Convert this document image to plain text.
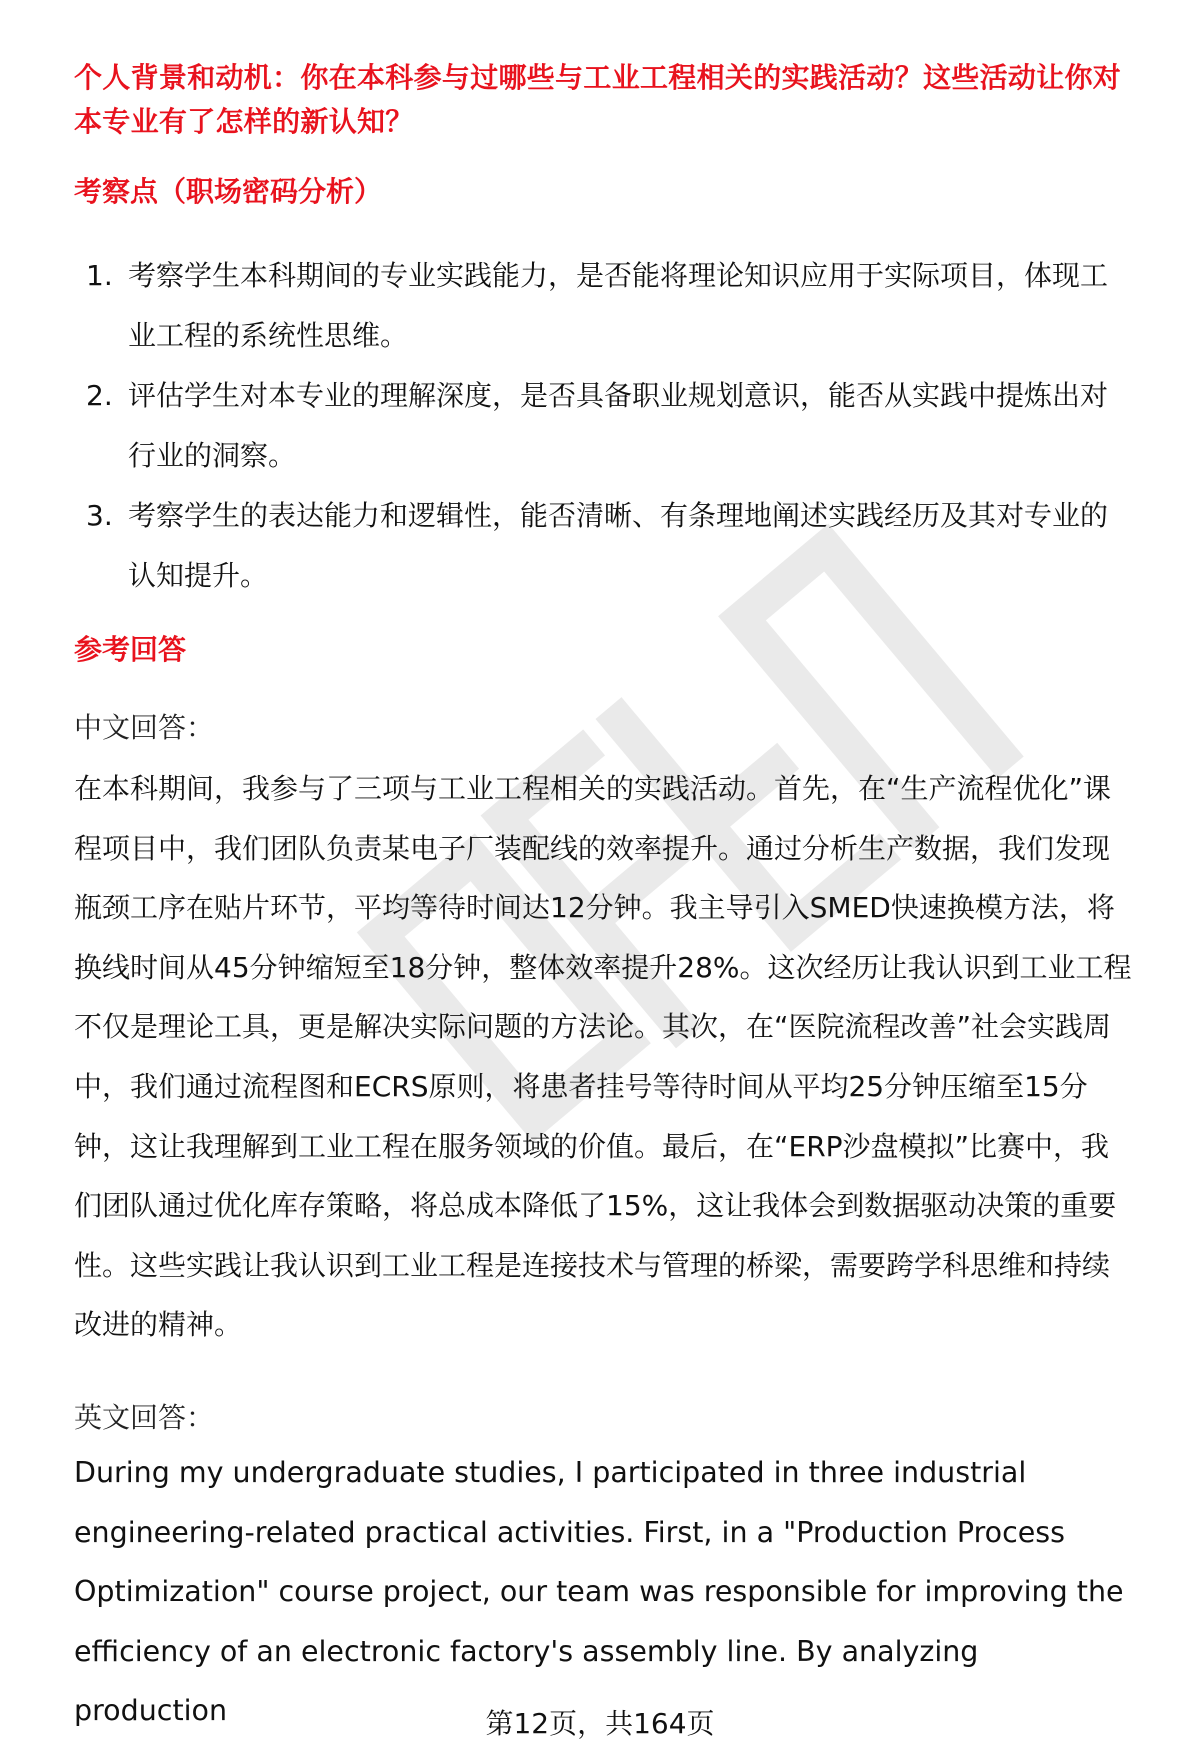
个人背景和动机：你在本科参与过哪些与工业工程相关的实践活动？这些活动让你对本专业有了怎样的新认知？
考察点（职场密码分析）
1. 考察学生本科期间的专业实践能力，是否能将理论知识应用于实际项目，体现工业工程的系统性思维。
2. 评估学生对本专业的理解深度，是否具备职业规划意识，能否从实践中提炼出对行业的洞察。
3. 考察学生的表达能力和逻辑性，能否清晰、有条理地阐述实践经历及其对专业的认知提升。
参考回答
中文回答：
在本科期间，我参与了三项与工业工程相关的实践活动。首先，在“生产流程优化”课程项目中，我们团队负责某电子厂装配线的效率提升。通过分析生产数据，我们发现瓶颈工序在贴片环节，平均等待时间达12分钟。我主导引入SMED快速换模方法，将换线时间从45分钟缩短至18分钟，整体效率提升28%。这次经历让我认识到工业工程不仅是理论工具，更是解决实际问题的方法论。其次，在“医院流程改善”社会实践周中，我们通过流程图和ECRS原则，将患者挂号等待时间从平均25分钟压缩至15分钟，这让我理解到工业工程在服务领域的价值。最后，在“ERP沙盘模拟”比赛中，我们团队通过优化库存策略，将总成本降低了15%，这让我体会到数据驱动决策的重要性。这些实践让我认识到工业工程是连接技术与管理的桥梁，需要跨学科思维和持续改进的精神。
英文回答：
During my undergraduate studies, I participated in three industrial engineering-related practical activities. First, in a "Production Process Optimization" course project, our team was responsible for improving the efficiency of an electronic factory's assembly line. By analyzing production	第12页，共164页
